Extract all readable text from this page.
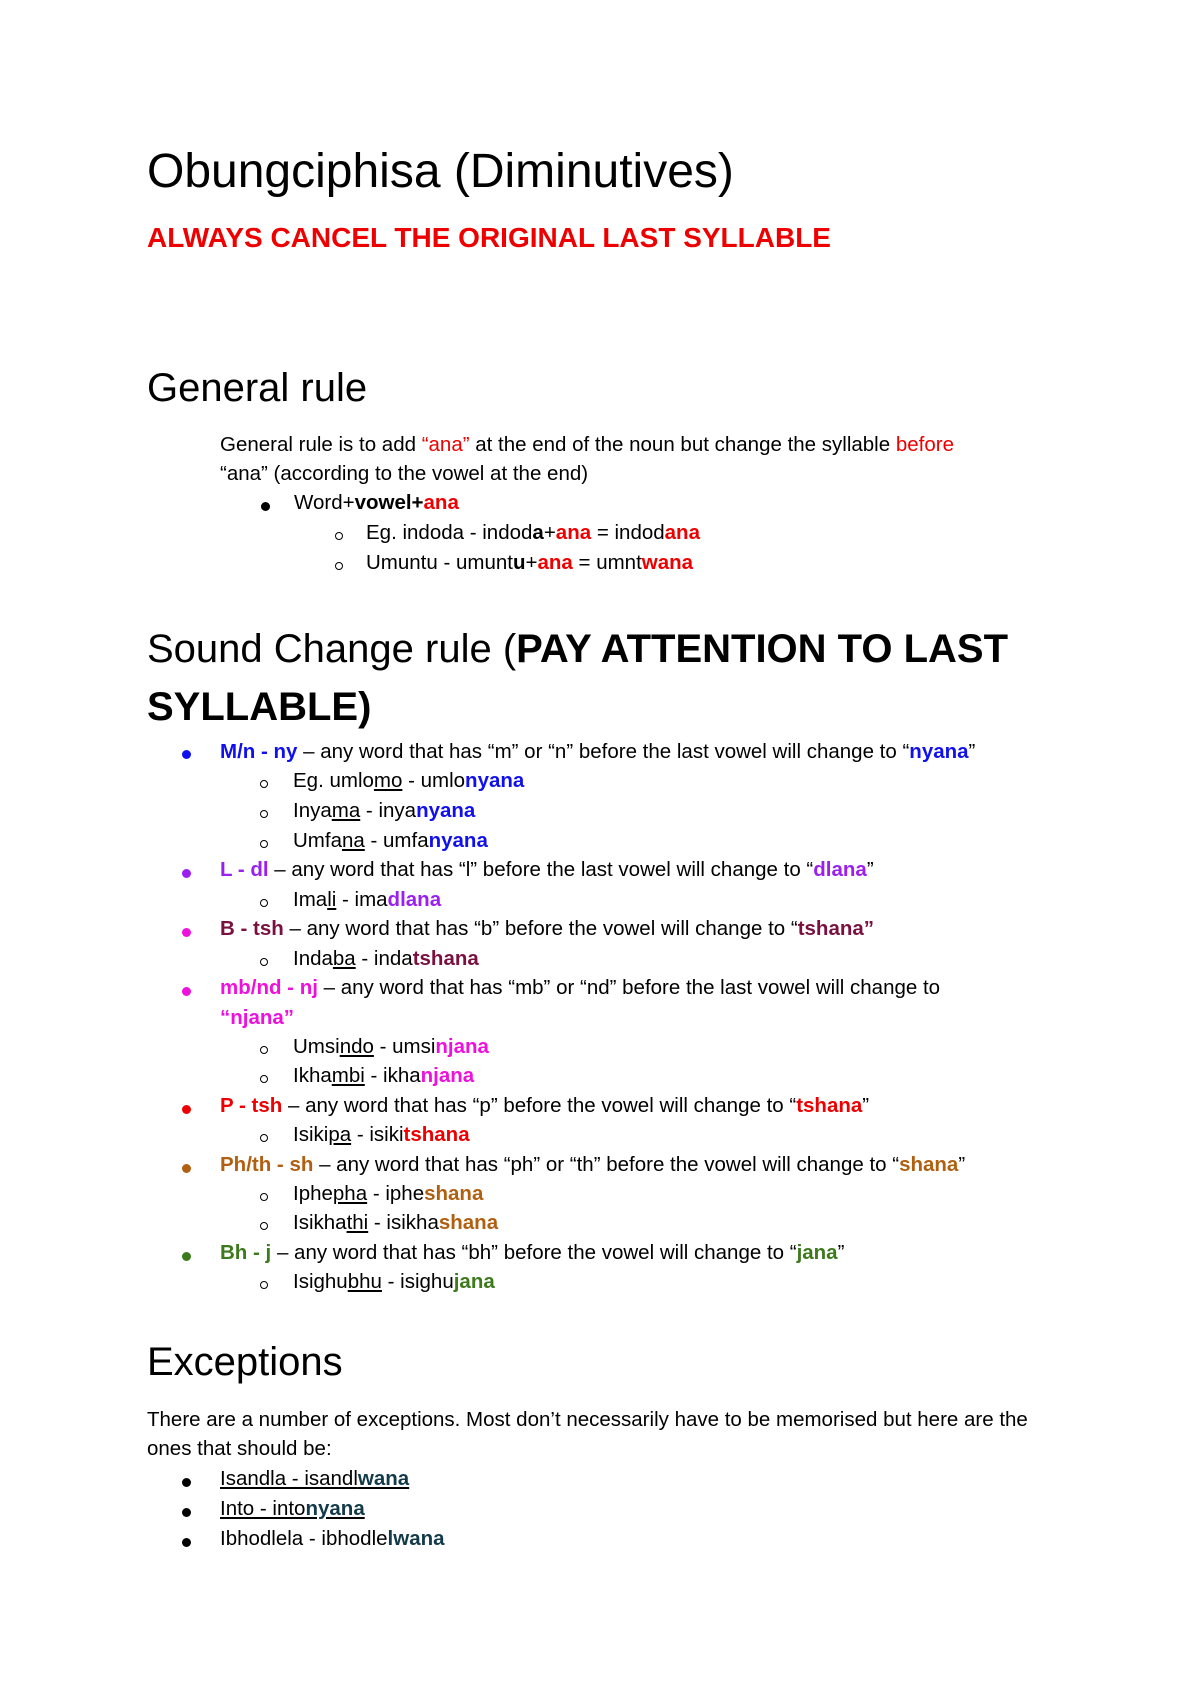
Obungciphisa (Diminutives)
ALWAYS CANCEL THE ORIGINAL LAST SYLLABLE
General rule
General rule is to add “ana” at the end of the noun but change the syllable before
“ana” (according to the vowel at the end)
Word+vowel+ana
Eg. indoda - indoda+ana = indodana
Umuntu - umuntu+ana = umntwana
Sound Change rule (PAY ATTENTION TO LAST
SYLLABLE)
M/n - ny – any word that has “m” or “n” before the last vowel will change to “nyana”
Eg. umlomo - umlonyana
Inyama - inyanyana
Umfana - umfanyana
L - dl – any word that has “l” before the last vowel will change to “dlana”
Imali - imadlana
B - tsh – any word that has “b” before the vowel will change to “tshana”
Indaba - indatshana
mb/nd - nj – any word that has “mb” or “nd” before the last vowel will change to
“njana”
Umsindo - umsinjana
Ikhambi - ikhanjana
P - tsh – any word that has “p” before the vowel will change to “tshana”
Isikipa - isikitshana
Ph/th - sh – any word that has “ph” or “th” before the vowel will change to “shana”
Iphepha - ipheshana
Isikhathi - isikhashana
Bh - j – any word that has “bh” before the vowel will change to “jana”
Isighubhu - isighujana
Exceptions
There are a number of exceptions. Most don’t necessarily have to be memorised but here are the ones that should be:
Isandla - isandlwana
Into - intonyana
Ibhodlela - ibhodlelwana
